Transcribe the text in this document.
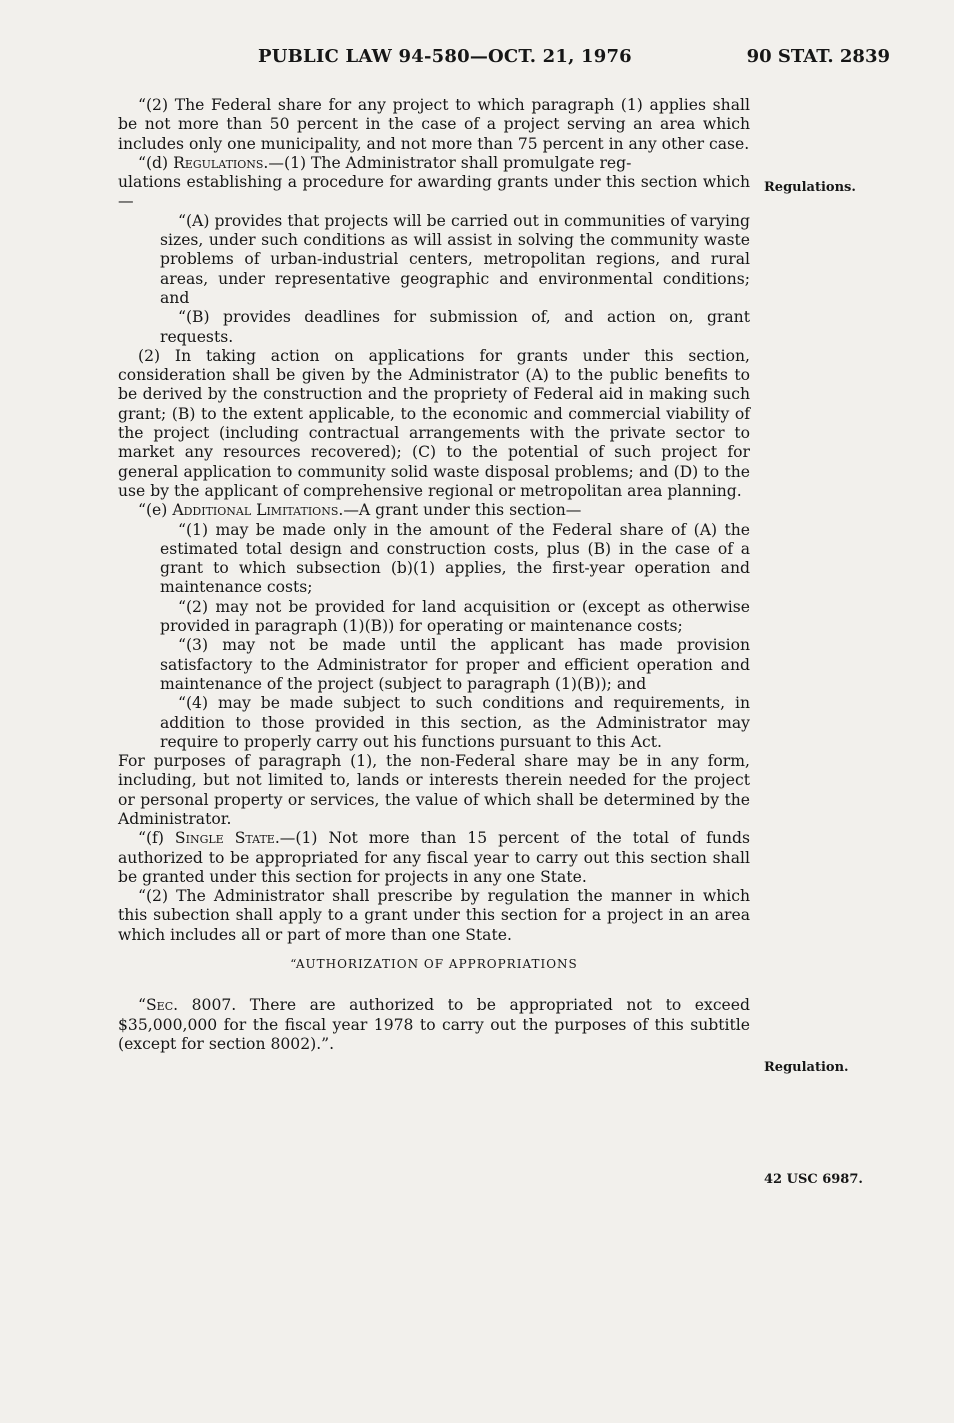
PUBLIC LAW 94-580—OCT. 21, 1976	90 STAT. 2839

“(2) The Federal share for any project to which paragraph (1) applies shall be not more than 50 percent in the case of a project serving an area which includes only one municipality, and not more than 75 percent in any other case.

“(d) Regulations.—(1) The Administrator shall promulgate reg-

ulations establishing a procedure for awarding grants under this section which—

“(A) provides that projects will be carried out in communities of varying sizes, under such conditions as will assist in solving the community waste problems of urban-industrial centers, metropolitan regions, and rural areas, under representative geographic and environmental conditions; and

“(B) provides deadlines for submission of, and action on, grant requests.

(2) In taking action on applications for grants under this section, consideration shall be given by the Administrator (A) to the public benefits to be derived by the construction and the propriety of Federal aid in making such grant; (B) to the extent applicable, to the economic and commercial viability of the project (including contractual arrangements with the private sector to market any resources recovered); (C) to the potential of such project for general application to community solid waste disposal problems; and (D) to the use by the applicant of comprehensive regional or metropolitan area planning.

“(e) Additional Limitations.—A grant under this section—

“(1) may be made only in the amount of the Federal share of (A) the estimated total design and construction costs, plus (B) in the case of a grant to which subsection (b)(1) applies, the first-year operation and maintenance costs;

“(2) may not be provided for land acquisition or (except as otherwise provided in paragraph (1)(B)) for operating or maintenance costs;

“(3) may not be made until the applicant has made provision satisfactory to the Administrator for proper and efficient operation and maintenance of the project (subject to paragraph (1)(B)); and

“(4) may be made subject to such conditions and requirements, in addition to those provided in this section, as the Administrator may require to properly carry out his functions pursuant to this Act.

For purposes of paragraph (1), the non-Federal share may be in any form, including, but not limited to, lands or interests therein needed for the project or personal property or services, the value of which shall be determined by the Administrator.

“(f) Single State.—(1) Not more than 15 percent of the total of funds authorized to be appropriated for any fiscal year to carry out this section shall be granted under this section for projects in any one State.

“(2) The Administrator shall prescribe by regulation the manner in which this subection shall apply to a grant under this section for a project in an area which includes all or part of more than one State.

“AUTHORIZATION OF APPROPRIATIONS

“Sec. 8007. There are authorized to be appropriated not to exceed $35,000,000 for the fiscal year 1978 to carry out the purposes of this subtitle (except for section 8002).”.

Regulations.
Regulation.
42 USC 6987.
